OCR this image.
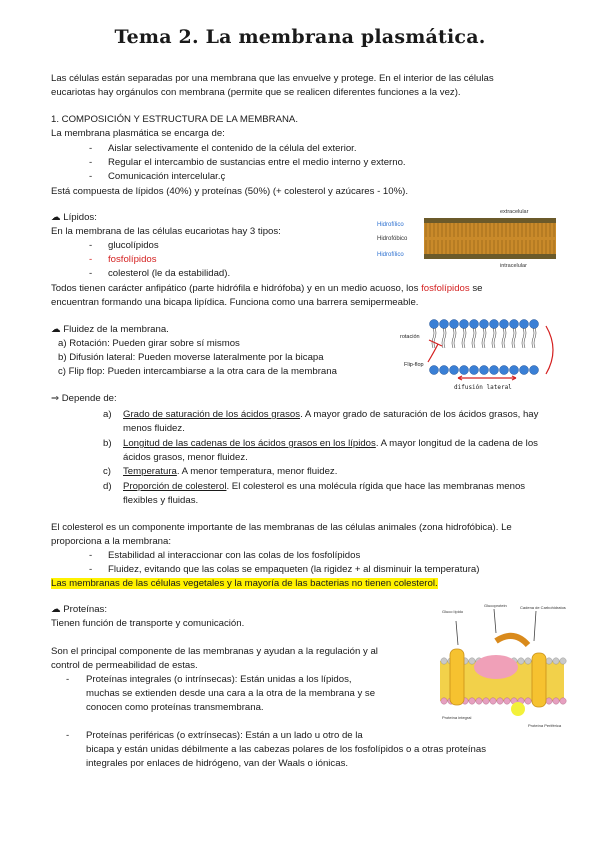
Tema 2. La membrana plasmática.
Las células están separadas por una membrana que las envuelve y protege. En el interior de las células
eucariotas hay orgánulos con membrana (permite que se realicen diferentes funciones a la vez).
1. COMPOSICIÓN Y ESTRUCTURA DE LA MEMBRANA.
La membrana plasmática se encarga de:
- Aislar selectivamente el contenido de la célula del exterior.
- Regular el intercambio de sustancias entre el medio interno y externo.
- Comunicación intercelular.ç
Está compuesta de lípidos (40%) y proteínas (50%) (+ colesterol y azúcares - 10%).
☁ Lípidos:
En la membrana de las células eucariotas hay 3 tipos:
- glucolípidos
- fosfolípidos
- colesterol (le da estabilidad).
Todos tienen carácter anfipático (parte hidrófila e hidrófoba) y en un medio acuoso, los fosfolípidos se
encuentran formando una bicapa lipídica. Funciona como una barrera semipermeable.
extracelular
Hidrofílico
Hidrofóbico
Hidrofílico
intracelular
☁ Fluidez de la membrana.
a) Rotación: Pueden girar sobre sí mismos
b) Difusión lateral: Pueden moverse lateralmente por la bicapa
c) Flip flop: Pueden intercambiarse a la otra cara de la membrana
rotación
Flip-flop
difusión lateral
⇒ Depende de:
a) Grado de saturación de los ácidos grasos. A mayor grado de saturación de los ácidos grasos, hay
menos fluidez.
b) Longitud de las cadenas de los ácidos grasos en los lípidos. A mayor longitud de la cadena de los
ácidos grasos, menor fluidez.
c) Temperatura. A menor temperatura, menor fluidez.
d) Proporción de colesterol. El colesterol es una molécula rígida que hace las membranas menos
flexibles y fluidas.
El colesterol es un componente importante de las membranas de las células animales (zona hidrofóbica). Le
proporciona a la membrana:
- Estabilidad al interaccionar con las colas de los fosfolípidos
- Fluidez, evitando que las colas se empaqueten (la rigidez + al disminuir la temperatura)
Las membranas de las células vegetales y la mayoría de las bacterias no tienen colesterol.
☁ Proteínas:
Tienen función de transporte y comunicación.
Son el principal componente de las membranas y ayudan a la regulación y al
control de permeabilidad de estas.
- Proteínas integrales (o intrínsecas): Están unidas a los lípidos,
muchas se extienden desde una cara a la otra de la membrana y se
conocen como proteínas transmembrana.
- Proteínas periféricas (o extrínsecas): Están a un lado u otro de la
bicapa y están unidas débilmente a las cabezas polares de los fosfolípidos o a otras proteínas
integrales por enlaces de hidrógeno, van der Waals o iónicas.
Gluco lípido
Glucoprotein	Cadena de Carbohidratos
Proteína integral
Proteína Periférica
